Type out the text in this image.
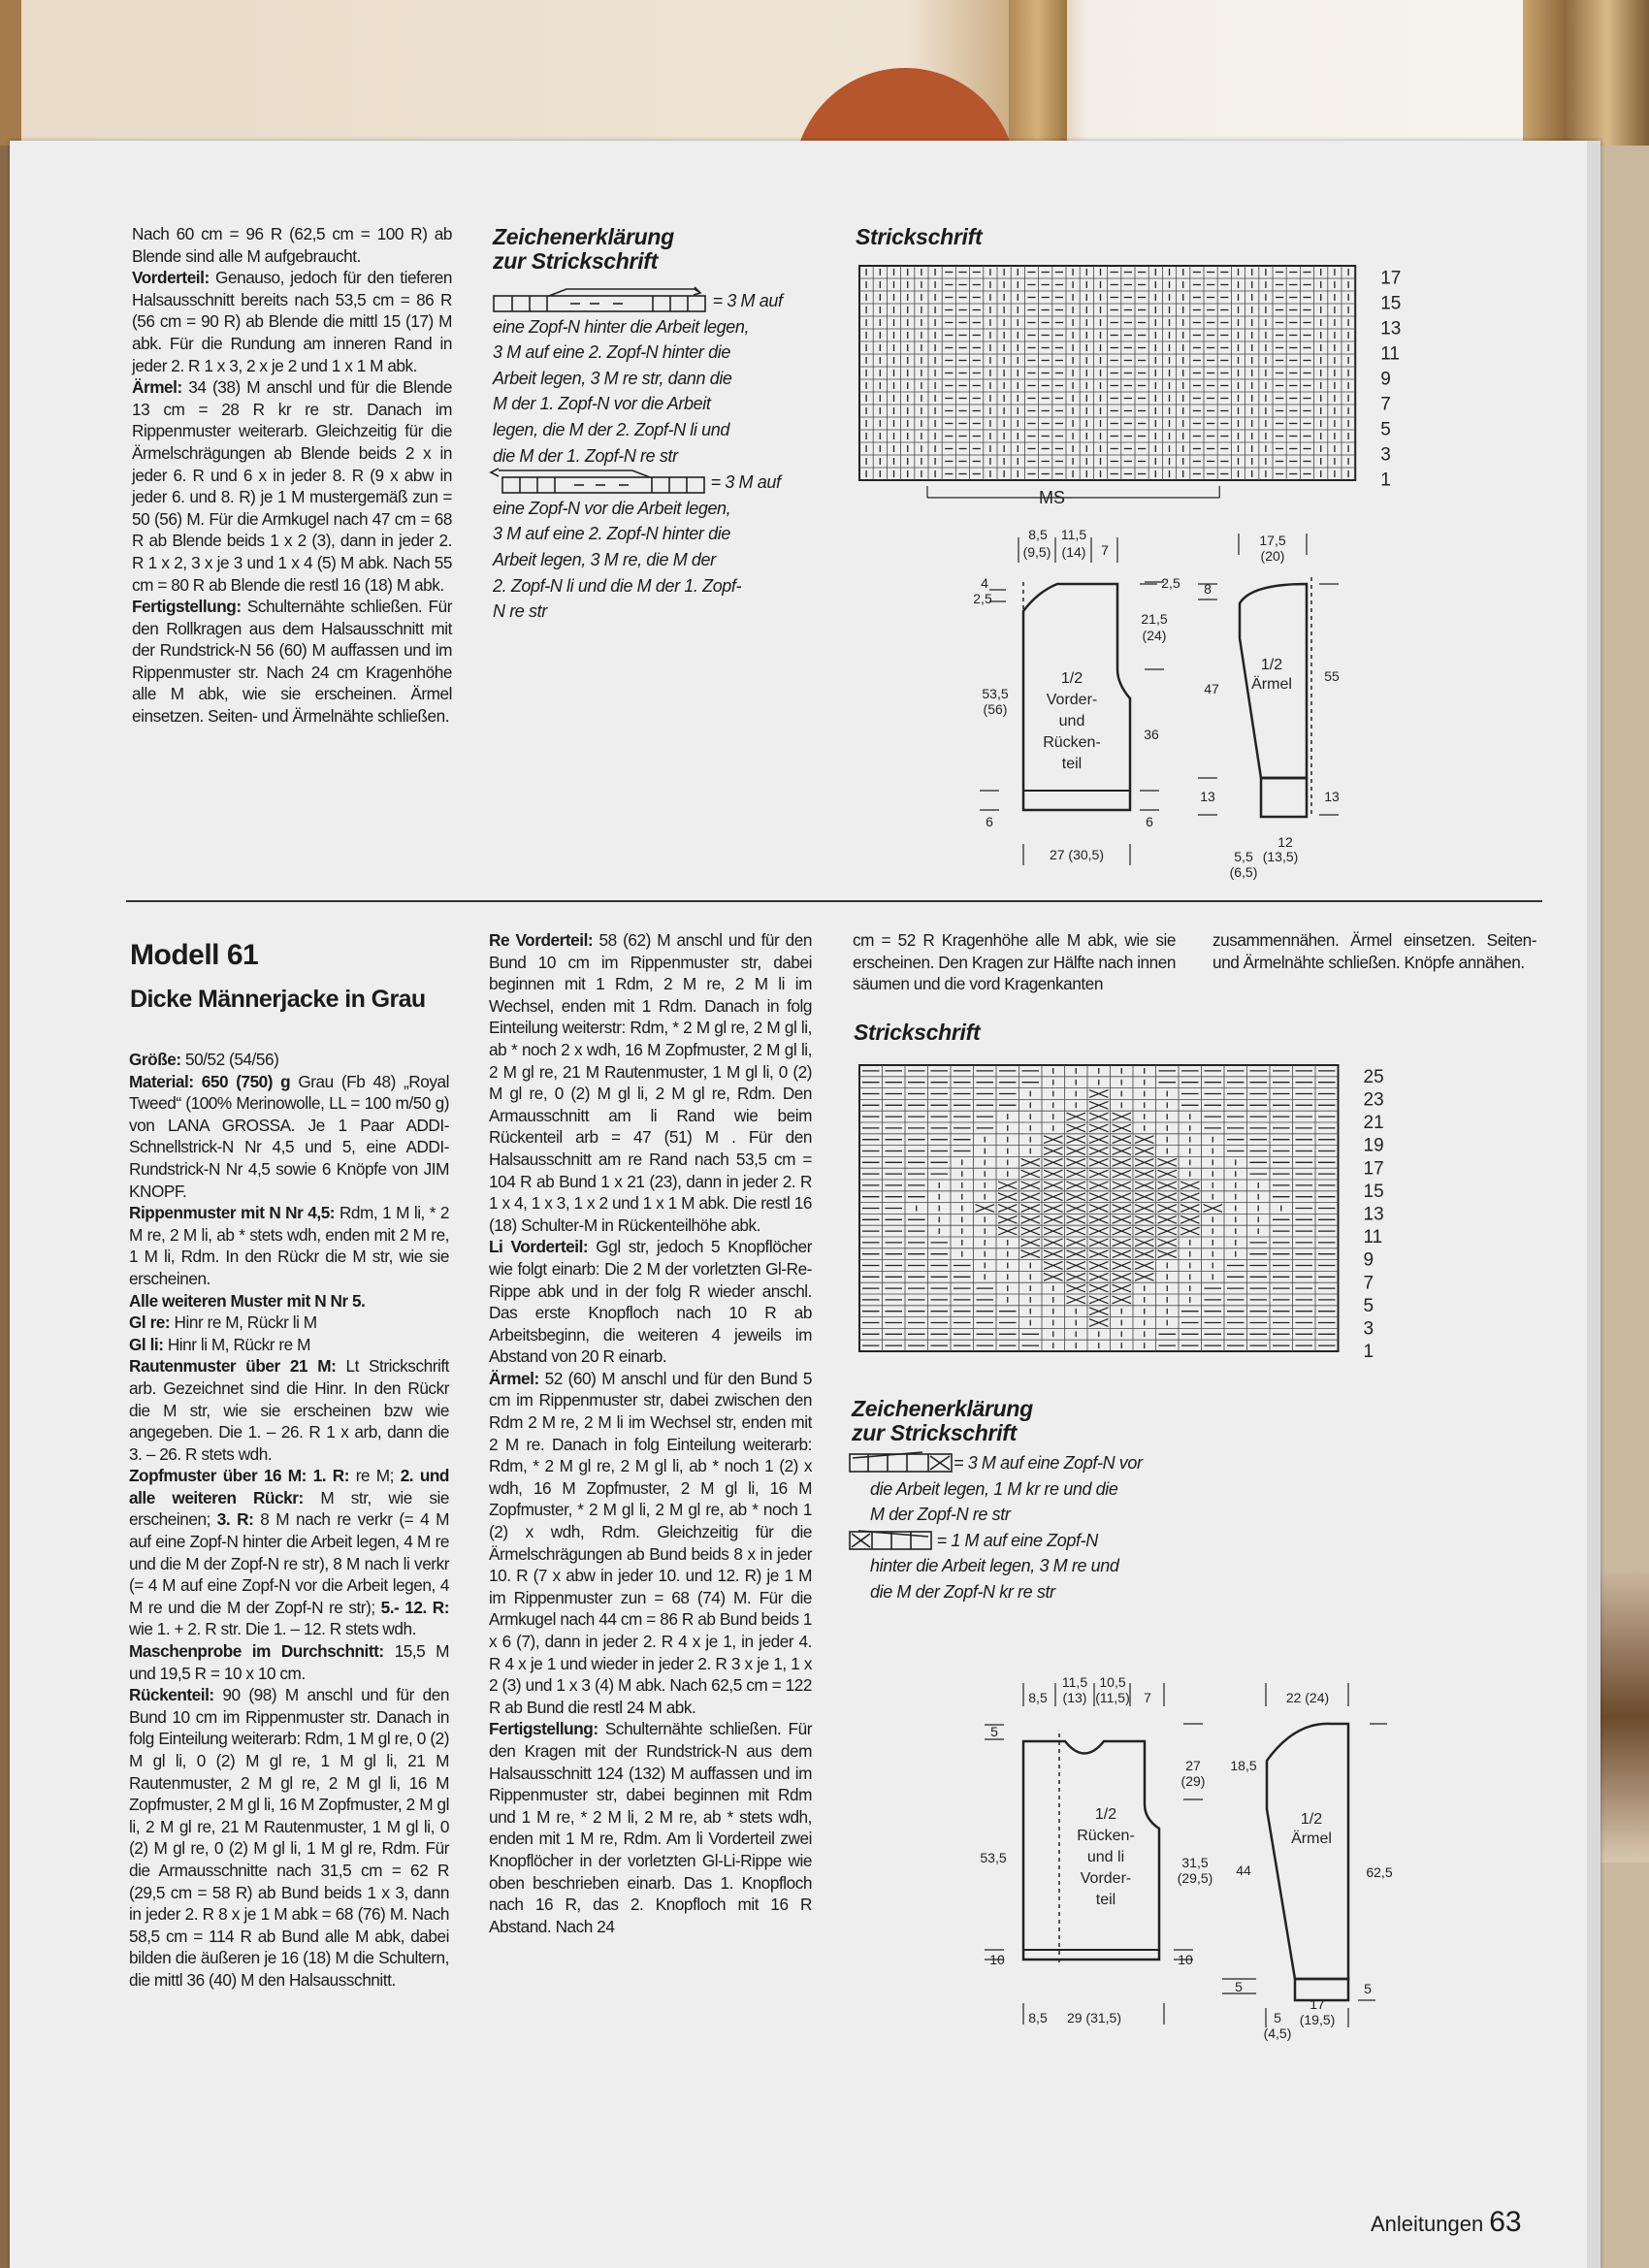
Nach 60 cm = 96 R (62,5 cm = 100 R) ab Blende sind alle M aufgebraucht.

Vorderteil: Genauso, jedoch für den tieferen Halsausschnitt bereits nach 53,5 cm = 86 R (56 cm = 90 R) ab Blende die mittl 15 (17) M abk. Für die Rundung am inneren Rand in jeder 2. R 1 x 3, 2 x je 2 und 1 x 1 M abk.

Ärmel: 34 (38) M anschl und für die Blende 13 cm = 28 R kr re str. Danach im Rippenmuster weiterarb. Gleichzeitig für die Ärmelschrägungen ab Blende beids 2 x in jeder 6. R und 6 x in jeder 8. R (9 x abw in jeder 6. und 8. R) je 1 M mustergemäß zun = 50 (56) M. Für die Armkugel nach 47 cm = 68 R ab Blende beids 1 x 2 (3), dann in jeder 2. R 1 x 2, 3 x je 3 und 1 x 4 (5) M abk. Nach 55 cm = 80 R ab Blende die restl 16 (18) M abk.

Fertigstellung: Schulternähte schließen. Für den Rollkragen aus dem Halsausschnitt mit der Rundstrick-N 56 (60) M auffassen und im Rippenmuster str. Nach 24 cm Kragenhöhe alle M abk, wie sie erscheinen. Ärmel einsetzen. Seiten- und Ärmelnähte schließen.

Zeichenerklärung
zur Strickschrift

= 3 M auf

eine Zopf-N hinter die Arbeit legen,

3 M auf eine 2. Zopf-N hinter die

Arbeit legen, 3 M re str, dann die

M der 1. Zopf-N vor die Arbeit

legen, die M der 2. Zopf-N li und

die M der 1. Zopf-N re str

= 3 M auf

eine Zopf-N vor die Arbeit legen,

3 M auf eine 2. Zopf-N hinter die

Arbeit legen, 3 M re, die M der

2. Zopf-N li und die M der 1. Zopf-

N re str

Strickschrift
17
15
13
11
9
7
5
3
1
MS
8,5 11,5
(9,5) (14) 7
4
2,5
2,5
21,5
(24)
53,5
(56)
36
6	6
27 (30,5)
17,5
(20)
8
47
55
13	13
12
5,5 (13,5)
(6,5)
1/2
Vorder-
und
Rücken-
teil
1/2
Ärmel
Modell 61
Dicke Männerjacke in Grau

Größe: 50/52 (54/56)

Material: 650 (750) g Grau (Fb 48) „Royal Tweed“ (100% Merinowolle, LL = 100 m/50 g) von LANA GROSSA. Je 1 Paar ADDI-Schnellstrick-N Nr 4,5 und 5, eine ADDI-Rundstrick-N Nr 4,5 sowie 6 Knöpfe von JIM KNOPF.

Rippenmuster mit N Nr 4,5: Rdm, 1 M li, * 2 M re, 2 M li, ab * stets wdh, enden mit 2 M re, 1 M li, Rdm. In den Rückr die M str, wie sie erscheinen.

Alle weiteren Muster mit N Nr 5.

Gl re: Hinr re M, Rückr li M

Gl li: Hinr li M, Rückr re M

Rautenmuster über 21 M: Lt Strickschrift arb. Gezeichnet sind die Hinr. In den Rückr die M str, wie sie erscheinen bzw wie angegeben. Die 1. – 26. R 1 x arb, dann die 3. – 26. R stets wdh.

Zopfmuster über 16 M: 1. R: re M; 2. und alle weiteren Rückr: M str, wie sie erscheinen; 3. R: 8 M nach re verkr (= 4 M auf eine Zopf-N hinter die Arbeit legen, 4 M re und die M der Zopf-N re str), 8 M nach li verkr (= 4 M auf eine Zopf-N vor die Arbeit legen, 4 M re und die M der Zopf-N re str); 5.- 12. R: wie 1. + 2. R str. Die 1. – 12. R stets wdh.

Maschenprobe im Durchschnitt: 15,5 M und 19,5 R = 10 x 10 cm.

Rückenteil: 90 (98) M anschl und für den Bund 10 cm im Rippenmuster str. Danach in folg Einteilung weiterarb: Rdm, 1 M gl re, 0 (2) M gl li, 0 (2) M gl re, 1 M gl li, 21 M Rautenmuster, 2 M gl re, 2 M gl li, 16 M Zopfmuster, 2 M gl li, 16 M Zopfmuster, 2 M gl li, 2 M gl re, 21 M Rautenmuster, 1 M gl li, 0 (2) M gl re, 0 (2) M gl li, 1 M gl re, Rdm. Für die Armausschnitte nach 31,5 cm = 62 R (29,5 cm = 58 R) ab Bund beids 1 x 3, dann in jeder 2. R 8 x je 1 M abk = 68 (76) M. Nach 58,5 cm = 114 R ab Bund alle M abk, dabei bilden die äußeren je 16 (18) M die Schultern, die mittl 36 (40) M den Halsausschnitt.

Re Vorderteil: 58 (62) M anschl und für den Bund 10 cm im Rippenmuster str, dabei beginnen mit 1 Rdm, 2 M re, 2 M li im Wechsel, enden mit 1 Rdm. Danach in folg Einteilung weiterstr: Rdm, * 2 M gl re, 2 M gl li, ab * noch 2 x wdh, 16 M Zopfmuster, 2 M gl li, 2 M gl re, 21 M Rautenmuster, 1 M gl li, 0 (2) M gl re, 0 (2) M gl li, 2 M gl re, Rdm. Den Armausschnitt am li Rand wie beim Rückenteil arb = 47 (51) M . Für den Halsausschnitt am re Rand nach 53,5 cm = 104 R ab Bund 1 x 21 (23), dann in jeder 2. R 1 x 4, 1 x 3, 1 x 2 und 1 x 1 M abk. Die restl 16 (18) Schulter-M in Rückenteilhöhe abk.

Li Vorderteil: Ggl str, jedoch 5 Knopflöcher wie folgt einarb: Die 2 M der vorletzten Gl-Re-Rippe abk und in der folg R wieder anschl. Das erste Knopfloch nach 10 R ab Arbeitsbeginn, die weiteren 4 jeweils im Abstand von 20 R einarb.

Ärmel: 52 (60) M anschl und für den Bund 5 cm im Rippenmuster str, dabei zwischen den Rdm 2 M re, 2 M li im Wechsel str, enden mit 2 M re. Danach in folg Einteilung weiterarb: Rdm, * 2 M gl re, 2 M gl li, ab * noch 1 (2) x wdh, 16 M Zopfmuster, 2 M gl li, 16 M Zopfmuster, * 2 M gl li, 2 M gl re, ab * noch 1 (2) x wdh, Rdm. Gleichzeitig für die Ärmelschrägungen ab Bund beids 8 x in jeder 10. R (7 x abw in jeder 10. und 12. R) je 1 M im Rippenmuster zun = 68 (74) M. Für die Armkugel nach 44 cm = 86 R ab Bund beids 1 x 6 (7), dann in jeder 2. R 4 x je 1, in jeder 4. R 4 x je 1 und wieder in jeder 2. R 3 x je 1, 1 x 2 (3) und 1 x 3 (4) M abk. Nach 62,5 cm = 122 R ab Bund die restl 24 M abk.

Fertigstellung: Schulternähte schließen. Für den Kragen mit der Rundstrick-N aus dem Halsausschnitt 124 (132) M auffassen und im Rippenmuster str, dabei beginnen mit Rdm und 1 M re, * 2 M li, 2 M re, ab * stets wdh, enden mit 1 M re, Rdm. Am li Vorderteil zwei Knopflöcher in der vorletzten Gl-Li-Rippe wie oben beschrieben einarb. Das 1. Knopfloch nach 16 R, das 2. Knopfloch mit 16 R Abstand. Nach 24

cm = 52 R Kragenhöhe alle M abk, wie sie erscheinen. Den Kragen zur Hälfte nach innen säumen und die vord Kragenkanten

zusammennähen. Ärmel einsetzen. Seiten- und Ärmelnähte schließen. Knöpfe annähen.

Strickschrift
25
23
21
19
17
15
13
11
9
7
5
3
1
Zeichenerklärung
zur Strickschrift

= 3 M auf eine Zopf-N vor

die Arbeit legen, 1 M kr re und die

M der Zopf-N re str

= 1 M auf eine Zopf-N

hinter die Arbeit legen, 3 M re und

die M der Zopf-N kr re str

8,5
11,5
(13)
10,5
(11,5) 7	22 (24)
5
27
(29)
18,5
53,5	31,5
(29,5) 44	62,5
10	10
5	5
8,5 29 (31,5)	5
(4,5)
17
(19,5)
1/2
Rücken-
und li
Vorder-
teil
1/2
Ärmel
Anleitungen 63
